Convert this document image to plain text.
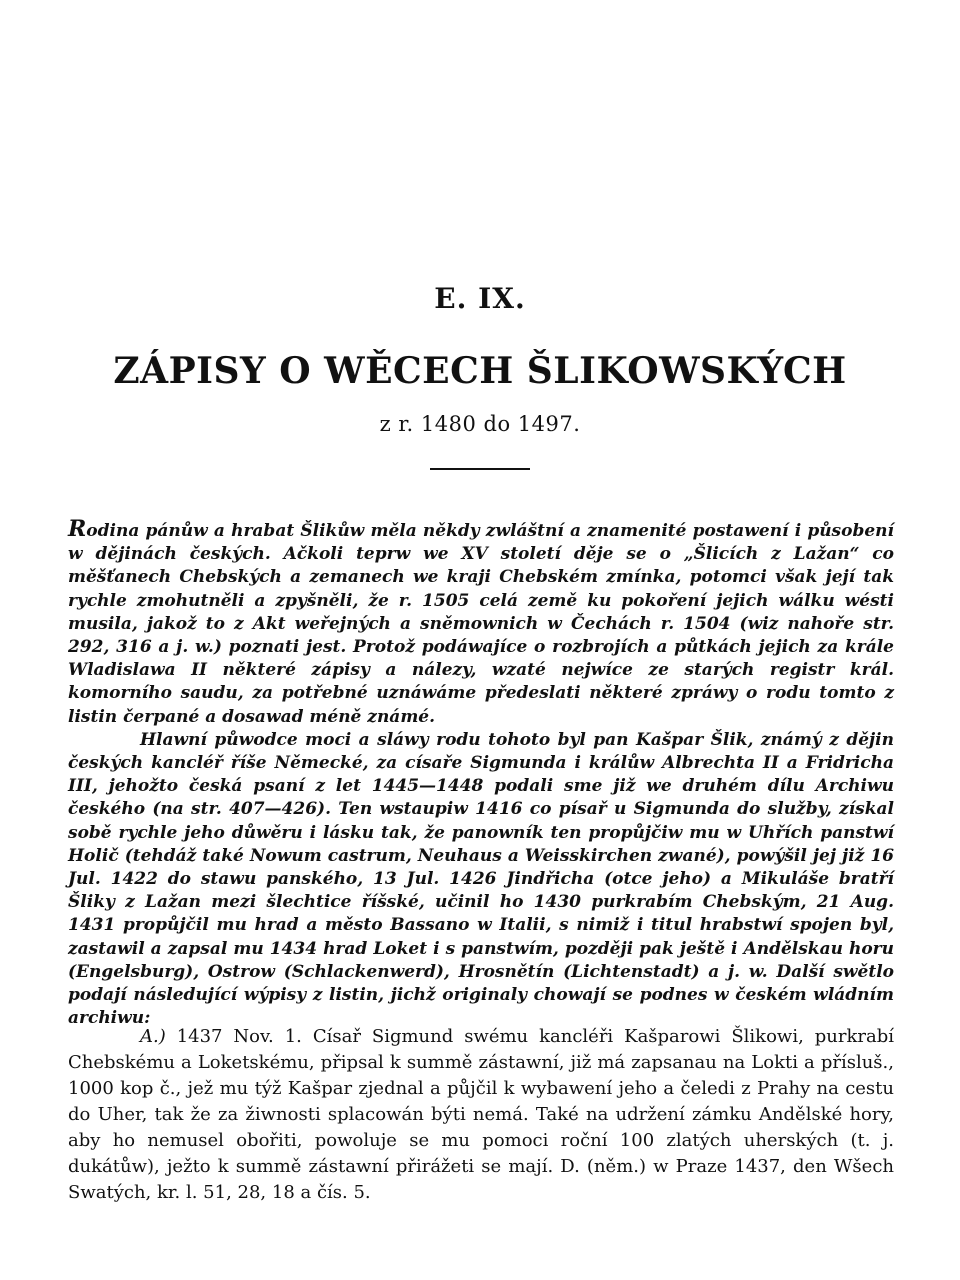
E. IX.
ZÁPISY O WĚCECH ŠLIKOWSKÝCH
z r. 1480 do 1497.

Rodina pánůw a hrabat Šlikůw měla někdy zwláštní a znamenité postawení i působení w dějinách českých. Ačkoli teprw we XV století děje se o „Šlicích z Lažan“ co měšťanech Chebských a zemanech we kraji Chebském zmínka, potomci však její tak rychle zmohutněli a zpyšněli, že r. 1505 celá země ku pokoření jejich wálku wésti musila, jakož to z Akt weřejných a sněmownich w Čechách r. 1504 (wiz nahoře str. 292, 316 a j. w.) poznati jest. Protož podáwajíce o rozbrojích a půtkách jejich za krále Wladislawa II některé zápisy a nálezy, wzaté nejwíce ze starých registr král. komorního saudu, za potřebné uznáwáme předeslati některé zpráwy o rodu tomto z listin čerpané a dosawad méně známé.

Hlawní půwodce moci a sláwy rodu tohoto byl pan Kašpar Šlik, známý z dějin českých kancléř říše Německé, za císaře Sigmunda i králůw Albrechta II a Fridricha III, jehožto česká psaní z let 1445—1448 podali sme již we druhém dílu Archiwu českého (na str. 407—426). Ten wstaupiw 1416 co písař u Sigmunda do služby, získal sobě rychle jeho důwěru i lásku tak, že panowník ten propůjčiw mu w Uhřích panstwí Holič (tehdáž také Nowum castrum, Neuhaus a Weisskirchen zwané), powýšil jej již 16 Jul. 1422 do stawu panského, 13 Jul. 1426 Jindřicha (otce jeho) a Mikuláše bratří Šliky z Lažan mezi šlechtice říšské, učinil ho 1430 purkrabím Chebským, 21 Aug. 1431 propůjčil mu hrad a město Bassano w Italii, s nimiž i titul hrabstwí spojen byl, zastawil a zapsal mu 1434 hrad Loket i s panstwím, později pak ještě i Andělskau horu (Engelsburg), Ostrow (Schlackenwerd), Hrosnětín (Lichtenstadt) a j. w. Další swětlo podají následující wýpisy z listin, jichž originaly chowají se podnes w českém wládním archiwu:

A.) 1437 Nov. 1. Císař Sigmund swému kancléři Kašparowi Šlikowi, purkrabí Chebskému a Loketskému, připsal k summě zástawní, již má zapsanau na Lokti a přísluš., 1000 kop č., jež mu týž Kašpar zjednal a půjčil k wybawení jeho a čeledi z Prahy na cestu do Uher, tak že za žiwnosti splacowán býti nemá. Také na udržení zámku Andělské hory, aby ho nemusel obořiti, powoluje se mu pomoci roční 100 zlatých uherských (t. j. dukátůw), ježto k summě zástawní přirážeti se mají. D. (něm.) w Praze 1437, den Wšech Swatých, kr. l. 51, 28, 18 a čís. 5.
